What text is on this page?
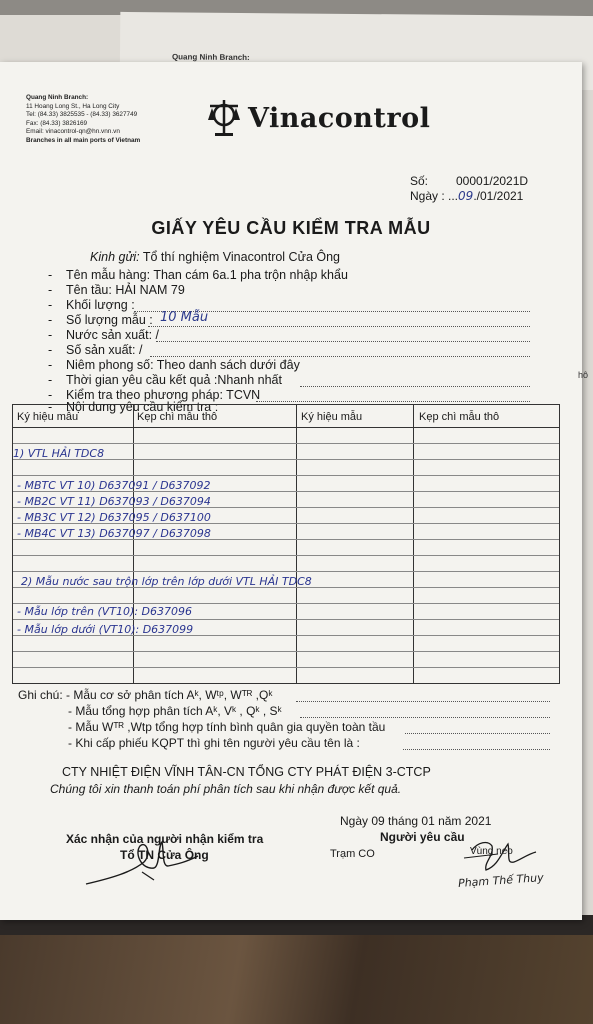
Quang Ninh Branch:
Quang Ninh Branch:
11 Hoang Long St., Ha Long City
Tel: (84.33) 3825535 - (84.33) 3627749
Fax: (84.33) 3826169
Email: vinacontrol-qn@hn.vnn.vn
Branches in all main ports of Vietnam
Vinacontrol
Số: 00001/2021D
Ngày : ...09./01/2021
GIẤY YÊU CẦU KIỂM TRA MẪU
Kinh gửi: Tổ thí nghiệm Vinacontrol Cửa Ông
- Tên mẫu hàng: Than cám 6a.1 pha trộn nhập khẩu
- Tên tầu: HẢI NAM 79
- Khối lượng :
- Số lượng mẫu : 10 Mẫu
- Nước sản xuất: /
- Số sản xuất: /
- Niêm phong số: Theo danh sách dưới đây
- Thời gian yêu cầu kết quả :Nhanh nhất
- Kiểm tra theo phương pháp: TCVN
- Nội dung yêu cầu kiểm tra :
Ký hiệu mẫu	Kẹp chì mẫu thô	Ký hiệu mẫu	Kẹp chì mẫu thô
1) VTL HẢI TDC8
- MBTC VT 10) D637091 / D637092
- MB2C VT 11) D637093 / D637094
- MB3C VT 12) D637095 / D637100
- MB4C VT 13) D637097 / D637098
2) Mẫu nước sau trộn lớp trên lớp dưới VTL HẢI TDC8
- Mẫu lớp trên (VT10): D637096
- Mẫu lớp dưới (VT10): D637099
Ghi chú: - Mẫu cơ sở phân tích Aᵏ, Wᵗᵖ, Wᵀᴿ ,Qᵏ
- Mẫu tổng hợp phân tích Aᵏ, Vᵏ , Qᵏ , Sᵏ
- Mẫu Wᵀᴿ ,Wtp tổng hợp tính bình quân gia quyền toàn tầu
- Khi cấp phiếu KQPT thì ghi tên người yêu cầu tên là :
CTY NHIỆT ĐIỆN VĨNH TÂN-CN TỔNG CTY PHÁT ĐIỆN 3-CTCP
Chúng tôi xin thanh toán phí phân tích sau khi nhận được kết quả.
Ngày 09 tháng 01 năm 2021
Người yêu cầu
Xác nhận của người nhận kiểm tra
Tổ TN Cửa Ông	Trạm CO	Vùng neo
Phạm Thế Thuy
hô
